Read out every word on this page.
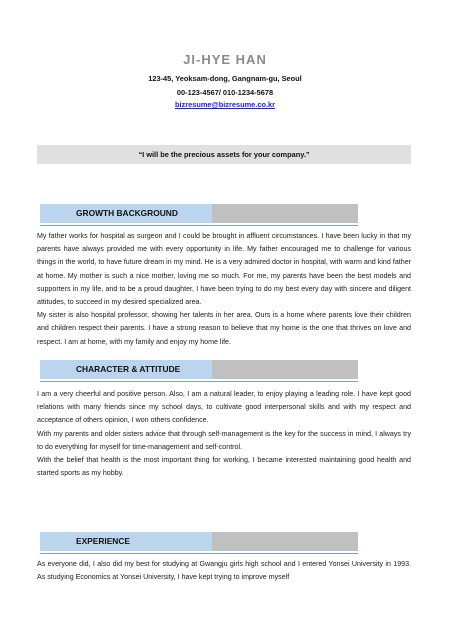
JI-HYE HAN
123-45, Yeoksam-dong, Gangnam-gu, Seoul
00-123-4567/ 010-1234-5678
bizresume@bizresume.co.kr
“I will be the precious assets for your company.”
GROWTH BACKGROUND
My father works for hospital as surgeon and I could be brought in affluent circumstances. I have been lucky in that my parents have always provided me with every opportunity in life. My father encouraged me to challenge for various things in the world, to have future dream in my mind. He is a very admired doctor in hospital, with warm and kind father at home. My mother is such a nice mother, loving me so much. For me, my parents have been the best models and supporters in my life, and to be a proud daughter, I have been trying to do my best every day with sincere and diligent attitudes, to succeed in my desired specialized area.
My sister is also hospital professor, showing her talents in her area. Ours is a home where parents love their children and children respect their parents. I have a strong reason to believe that my home is the one that thrives on love and respect. I am at home, with my family and enjoy my home life.
CHARACTER & ATTITUDE
I am a very cheerful and positive person. Also, I am a natural leader, to enjoy playing a leading role. I have kept good relations with many friends since my school days, to cultivate good interpersonal skills and with my respect and acceptance of others opinion, I won others confidence.
With my parents and older sisters advice that through self-management is the key for the success in mind, I always try to do everything for myself for time-management and self-control.
With the belief that health is the most important thing for working, I became interested maintaining good health and started sports as my hobby.
EXPERIENCE
As everyone did, I also did my best for studying at Gwangju girls high school and I entered Yonsei University in 1993. As studying Economics at Yonsei University, I have kept trying to improve myself
